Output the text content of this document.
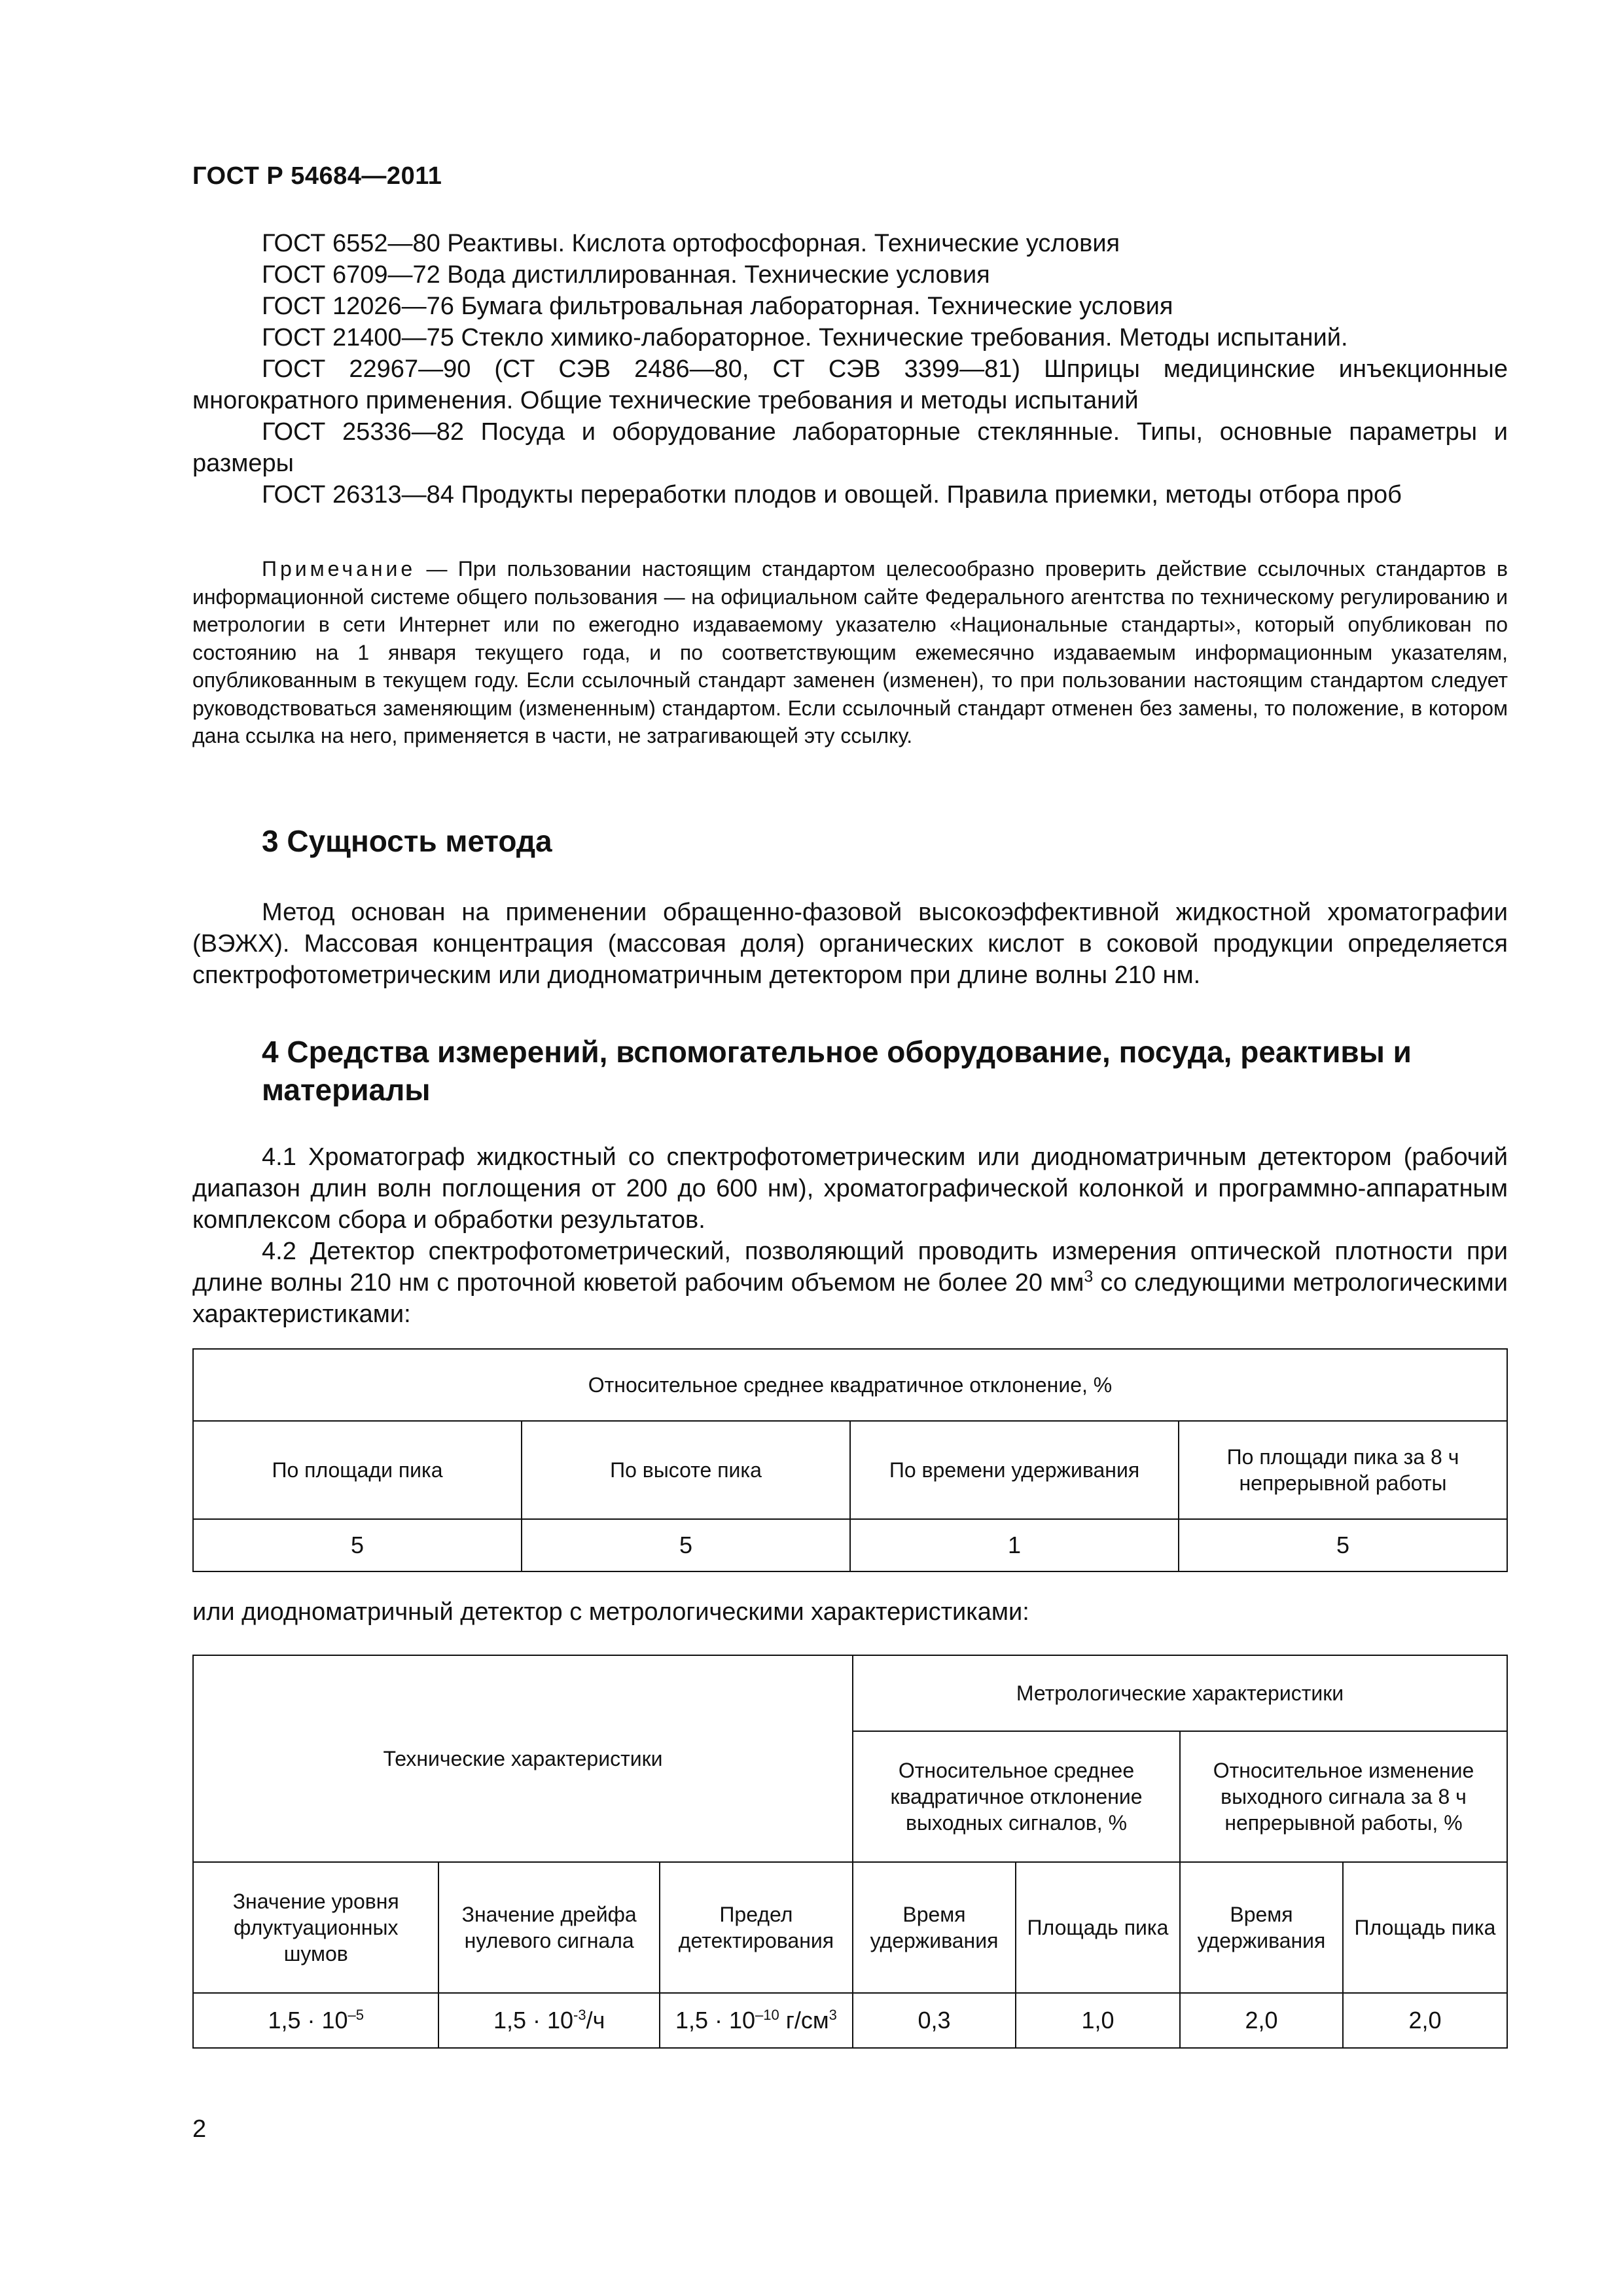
ГОСТ Р 54684—2011

ГОСТ 6552—80 Реактивы. Кислота ортофосфорная. Технические условия

ГОСТ 6709—72 Вода дистиллированная. Технические условия

ГОСТ 12026—76 Бумага фильтровальная лабораторная. Технические условия

ГОСТ 21400—75 Стекло химико-лабораторное. Технические требования. Методы испытаний.

ГОСТ 22967—90 (СТ СЭВ 2486—80, СТ СЭВ 3399—81) Шприцы медицинские инъекционные многократного применения. Общие технические требования и методы испытаний

ГОСТ 25336—82 Посуда и оборудование лабораторные стеклянные. Типы, основные параметры и размеры

ГОСТ 26313—84 Продукты переработки плодов и овощей. Правила приемки, методы отбора проб

Примечание — При пользовании настоящим стандартом целесообразно проверить действие ссылочных стандартов в информационной системе общего пользования — на официальном сайте Федерального агентства по техническому регулированию и метрологии в сети Интернет или по ежегодно издаваемому указателю «Национальные стандарты», который опубликован по состоянию на 1 января текущего года, и по соответствующим ежемесячно издаваемым информационным указателям, опубликованным в текущем году. Если ссылочный стандарт заменен (изменен), то при пользовании настоящим стандартом следует руководствоваться заменяющим (измененным) стандартом. Если ссылочный стандарт отменен без замены, то положение, в котором дана ссылка на него, применяется в части, не затрагивающей эту ссылку.
3 Сущность метода

Метод основан на применении обращенно-фазовой высокоэффективной жидкостной хроматографии (ВЭЖХ). Массовая концентрация (массовая доля) органических кислот в соковой продукции определяется спектрофотометрическим или диодноматричным детектором при длине волны 210 нм.

4 Средства измерений, вспомогательное оборудование, посуда, реактивы и материалы

4.1 Хроматограф жидкостный со спектрофотометрическим или диодноматричным детектором (рабочий диапазон длин волн поглощения от 200 до 600 нм), хроматографической колонкой и программно-аппаратным комплексом сбора и обработки результатов.

4.2 Детектор спектрофотометрический, позволяющий проводить измерения оптической плотности при длине волны 210 нм с проточной кюветой рабочим объемом не более 20 $мм^3$ со следующими метрологическими характеристиками:

Относительное среднее квадратичное отклонение, %			
По площади пика	По высоте пика	По времени удерживания	По площади пика за 8 ч непрерывной работы
5	5	1	5
или диодноматричный детектор с метрологическими характеристиками:
Технические характеристики			Метрологические характеристики			
			Относительное среднее квадратичное отклонение выходных сигналов, %		Относительное изменение выходного сигнала за 8 ч непрерывной работы, %	
Значение уровня флуктуационных шумов	Значение дрейфа нулевого сигнала	Предел детектирования	Время удерживания	Площадь пика	Время удерживания	Площадь пика
$1,5 \cdot 10^{-5}$	$1,5 \cdot 10^{-3}/ч$	$1,5 \cdot 10^{-10}$ $г/см^3$	0,3	1,0	2,0	2,0
2
